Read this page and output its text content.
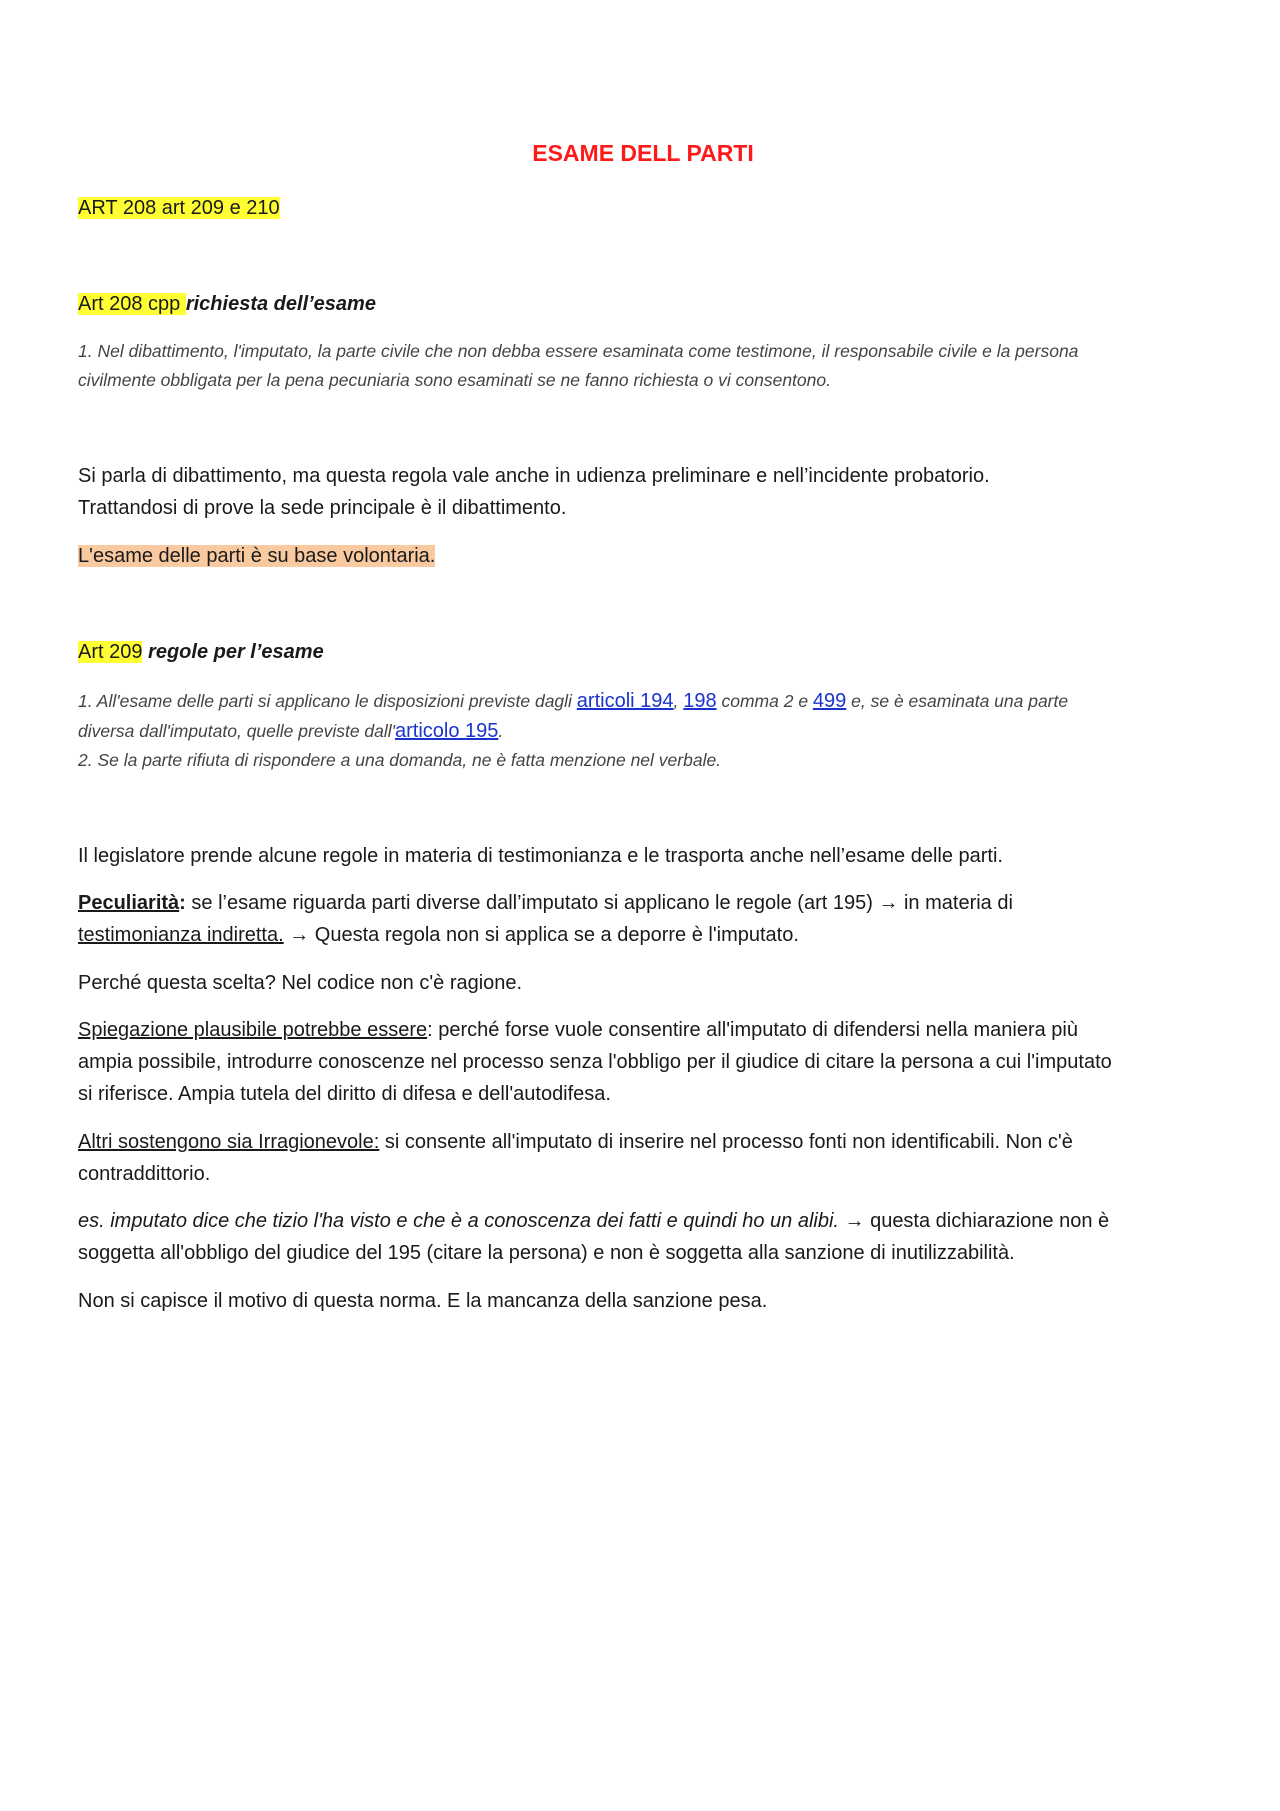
ESAME DELL PARTI
ART 208 art 209 e 210
Art 208 cpp richiesta dell’esame
1. Nel dibattimento, l'imputato, la parte civile che non debba essere esaminata come testimone, il responsabile civile e la persona
civilmente obbligata per la pena pecuniaria sono esaminati se ne fanno richiesta o vi consentono.
Si parla di dibattimento, ma questa regola vale anche in udienza preliminare e nell’incidente probatorio.
Trattandosi di prove la sede principale è il dibattimento.
L'esame delle parti è su base volontaria.
Art 209 regole per l’esame
1. All'esame delle parti si applicano le disposizioni previste dagli articoli 194, 198 comma 2 e 499 e, se è esaminata una parte
diversa dall'imputato, quelle previste dall'articolo 195.
2. Se la parte rifiuta di rispondere a una domanda, ne è fatta menzione nel verbale.
Il legislatore prende alcune regole in materia di testimonianza e le trasporta anche nell’esame delle parti.
Peculiarità: se l’esame riguarda parti diverse dall’imputato si applicano le regole (art 195) → in materia di
testimonianza indiretta. → Questa regola non si applica se a deporre è l'imputato.
Perché questa scelta? Nel codice non c'è ragione.
Spiegazione plausibile potrebbe essere: perché forse vuole consentire all'imputato di difendersi nella maniera più
ampia possibile, introdurre conoscenze nel processo senza l'obbligo per il giudice di citare la persona a cui l'imputato
si riferisce. Ampia tutela del diritto di difesa e dell'autodifesa.
Altri sostengono sia Irragionevole: si consente all'imputato di inserire nel processo fonti non identificabili. Non c'è
contraddittorio.
es. imputato dice che tizio l'ha visto e che è a conoscenza dei fatti e quindi ho un alibi. → questa dichiarazione non è
soggetta all'obbligo del giudice del 195 (citare la persona) e non è soggetta alla sanzione di inutilizzabilità.
Non si capisce il motivo di questa norma. E la mancanza della sanzione pesa.
